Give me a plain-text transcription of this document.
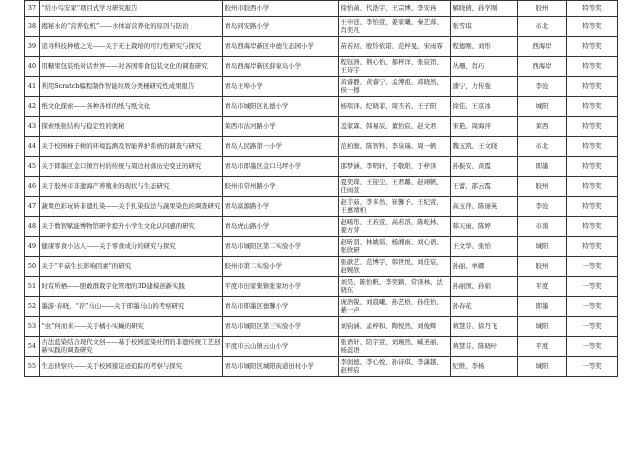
37	“给小鸟安家”项目式学习研究报告	胶州市胶西小学	徐怡菡、代浩宇、王宗博、李安冉	解晓倩、孙学刚	胶州	特等奖
38	揭秘水的“营养危机”——水体富营养化的原因与防治	青岛同安路小学	王申廷、李怡萱、姜家曦、秦艺蓉、肖奕凡	张雪琪	市北	特等奖
39	追寻科技种植之光——关于无土栽培的可行性研究与探究	青岛西海岸新区中德生态园小学	苗若初、殷铃依诺、范梓旻、宋雨霏	程德刚、刘彤	西海岸	特等奖
40	用糖果包装纸对话世界——对各国零食包装文化的调查研究	青岛西海岸新区薛家岛小学	程钰洲、荆心怡、郝梓洋、张宸馆、王诗宇	丛珊、肖巧	西海岸	特等奖
41	利用Scratch编程制作智能垃圾分类桶研究性成果报告	青岛王埠小学	黄睿静、黄睿宁、孟溥祖、邓晓然、侯一穆	潘宁、力传强	李沧	特等奖
42	纸文化探索——各种各样的纸与纸文化	青岛市城阳区礼德小学	杨琰泽、纪晓菲、周丕若、王子阳	徐佳、王京冰	城阳	特等奖
43	探索纸张结构与稳定性的奥秘	莱西市沽河路小学	盖家霖、韩易辰、董怡宸、赵文君	宋艳、周海萍	莱西	特等奖
44	关于校园柿子树的环境监测及智能养护系统的调查与研究	青岛人民路第一小学	范柏骏、陈智科、李泉瑞、周一帆	魏玉凯、王文晓	市北	特等奖
45	关于即墨区金口镇宫村的传统与周边村落历史变迁的研究	青岛市即墨区金口马坪小学	邵梦涵、李明轩、于敬阳、于梓泽	孙振安、黄霞	即墨	特等奖
46	关于胶州市非遗海产养殖业的现状与生态研究	胶州市常州路小学	夏奕琛、王迎尘、王君璐、赵翊帆、任雨萱	王蕾、邵云霞	胶州	特等奖
47	蔬果色彩玩转非遗扎染——关于扎染技法与蔬果染色的调查研究	青岛富源路小学	赵芋茹、李多然、崔馨予、王纪萱、王惠靖柏	高玉萍、陈丽英	李沧	特等奖
48	关于数智赋能博物馆研学提升小学生文化认同感的研究	青岛虎山路小学	赵晞彤、王若萱、高若溶、陈屹林、姜方芽	韩天雨、陈婷	市南	特等奖
49	健康零食小达人——关于零食成分的研究与探究	青岛市城阳区第二实验小学	赵昕羽、林姚瑶、杨湘雨、刘心语、张欣研	王文华、张怡	城阳	特等奖
50	关于“平菇生长影响因素”的研究	胶州市第二实验小学	张歆艺、范博宇、韩世悦、刘佳宸、赵婉欣	孙丽、单卿	胶州	一等奖
51	时有所栖——胆敢群栽宇化管理的3D建模创新实践	平度市田家集镇张家坊小学	刘昊、陈怡帆、李奕颖、常泽林、法晓东	孙丽国、孙娟	平度	一等奖
52	墨游·春晓，“荐”马山——关于即墨马山的考察研究	青岛市即墨区德馨小学	庞浩锐、刘晨曦、孙艺格、孙佳怡、綦一声	孙春花	即墨	一等奖
53	“虫”何而来——关于橘小实蝇的研究	青岛市城阳区第三实验小学	刘钧涵、孟梓和、陶悦然、刘俊辉	蒋慧芬、徐丹飞	城阳	一等奖
54	古法蓝染结合现代文创——基于校园蓝染社团的非遗传统工艺创新实践的调查研究	平度市云山镇云山小学	张语轩、陪宇萱、刘琬然、臧圣丽、杨蕊语	蒋慧芬、陈晓叶	平度	一等奖
55	生态侦察兵——关于校园獴足迹追踪的考察与探究	青岛市城阳区城阳街道田村小学	李润德、李心悦、孙诗琪、李潇越、赵梓宸	纪维、李杨	城阳	一等奖
